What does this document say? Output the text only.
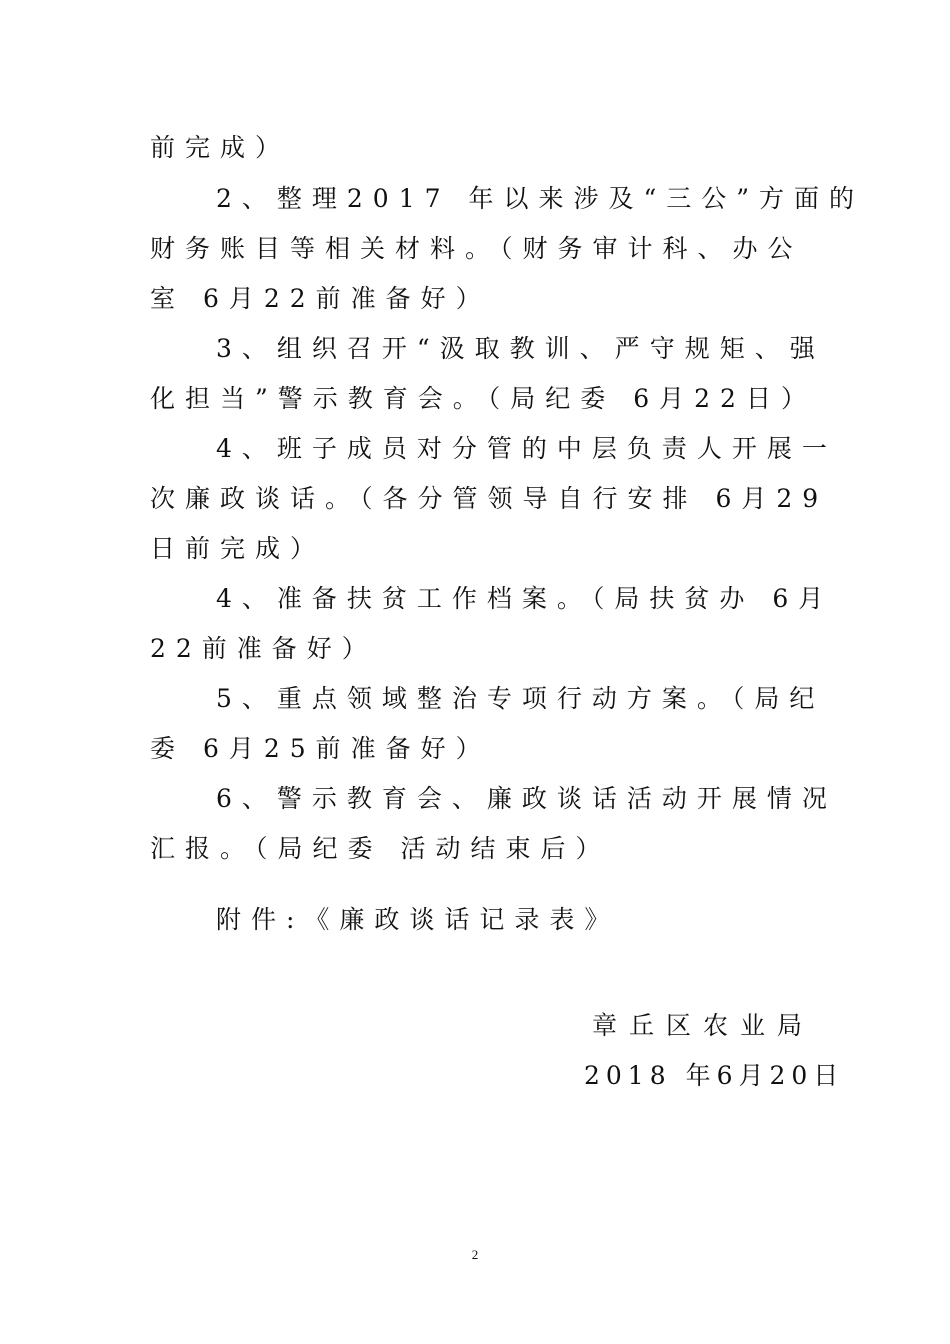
前完成）
2、整理2017 年以来涉及“三公”方面的
财务账目等相关材料。（财务审计科、办公
室 6月22前准备好）
3、组织召开“汲取教训、严守规矩、强
化担当”警示教育会。（局纪委 6月22日）
4、班子成员对分管的中层负责人开展一
次廉政谈话。（各分管领导自行安排 6月29
日前完成）
4、准备扶贫工作档案。（局扶贫办 6月
22前准备好）
5、重点领域整治专项行动方案。（局纪
委 6月25前准备好）
6、警示教育会、廉政谈话活动开展情况
汇报。（局纪委 活动结束后）
附件:《廉政谈话记录表》
章丘区农业局
2018 年6月20日
2
